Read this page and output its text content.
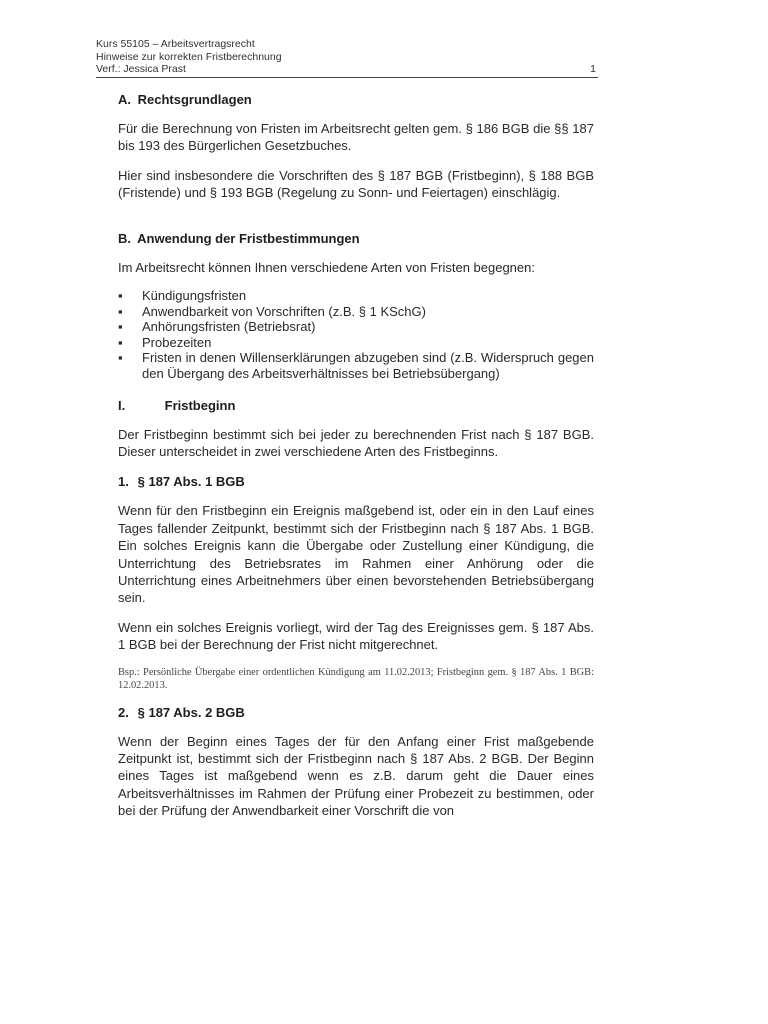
Kurs 55105 – Arbeitsvertragsrecht
Hinweise zur korrekten Fristberechnung
Verf.: Jessica Prast	1
A. Rechtsgrundlagen

Für die Berechnung von Fristen im Arbeitsrecht gelten gem. § 186 BGB die §§ 187 bis 193 des Bürgerlichen Gesetzbuches.

Hier sind insbesondere die Vorschriften des § 187 BGB (Fristbeginn), § 188 BGB (Fristende) und § 193 BGB (Regelung zu Sonn- und Feiertagen) einschlägig.

B. Anwendung der Fristbestimmungen

Im Arbeitsrecht können Ihnen verschiedene Arten von Fristen begegnen:

▪ Kündigungsfristen
▪ Anwendbarkeit von Vorschriften (z.B. § 1 KSchG)
▪ Anhörungsfristen (Betriebsrat)
▪ Probezeiten
▪ Fristen in denen Willenserklärungen abzugeben sind (z.B. Widerspruch gegen den Übergang des Arbeitsverhältnisses bei Betriebsübergang)
I.	Fristbeginn

Der Fristbeginn bestimmt sich bei jeder zu berechnenden Frist nach § 187 BGB. Dieser unterscheidet in zwei verschiedene Arten des Fristbeginns.

1. § 187 Abs. 1 BGB

Wenn für den Fristbeginn ein Ereignis maßgebend ist, oder ein in den Lauf eines Tages fallender Zeitpunkt, bestimmt sich der Fristbeginn nach § 187 Abs. 1 BGB. Ein solches Ereignis kann die Übergabe oder Zustellung einer Kündigung, die Unterrichtung des Betriebsrates im Rahmen einer Anhörung oder die Unterrichtung eines Arbeitnehmers über einen bevorstehenden Betriebsübergang sein.

Wenn ein solches Ereignis vorliegt, wird der Tag des Ereignisses gem. § 187 Abs. 1 BGB bei der Berechnung der Frist nicht mitgerechnet.

Bsp.: Persönliche Übergabe einer ordentlichen Kündigung am 11.02.2013; Fristbeginn gem. § 187 Abs. 1 BGB: 12.02.2013.

2. § 187 Abs. 2 BGB

Wenn der Beginn eines Tages der für den Anfang einer Frist maßgebende Zeitpunkt ist, bestimmt sich der Fristbeginn nach § 187 Abs. 2 BGB. Der Beginn eines Tages ist maßgebend wenn es z.B. darum geht die Dauer eines Arbeitsverhältnisses im Rahmen der Prüfung einer Probezeit zu bestimmen, oder bei der Prüfung der Anwendbarkeit einer Vorschrift die von
